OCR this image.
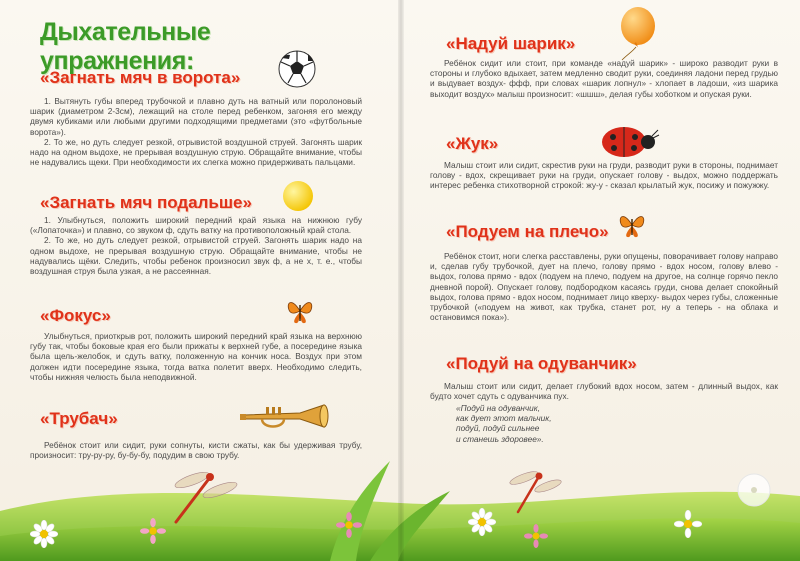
Дыхательные упражнения:
«Загнать мяч в ворота»

1. Вытянуть губы вперед трубочкой и плавно дуть на ватный или поролоновый шарик (диаметром 2-3см), лежащий на столе перед ребенком, загоняя его между двумя кубиками или любыми другими подходящими предметами (это «футбольные ворота»).

2. То же, но дуть следует резкой, отрывистой воздушной струей. Загонять шарик надо на одном выдохе, не прерывая воздушную струю. Обращайте внимание, чтобы не надувались щеки. При необходимости их слегка можно придерживать пальцами.

«Загнать мяч подальше»

1. Улыбнуться, положить широкий передний край языка на нижнюю губу («Лопаточка») и плавно, со звуком ф, сдуть ватку на противоположный край стола.

2. То же, но дуть следует резкой, отрывистой струей. Загонять шарик надо на одном выдохе, не прерывая воздушную струю. Обращайте внимание, чтобы не надувались щёки. Следить, чтобы ребенок произносил звук ф, а не х, т. е., чтобы воздушная струя была узкая, а не рассеянная.

«Фокус»

Улыбнуться, приоткрыв рот, положить широкий передний край языка на верхнюю губу так, чтобы боковые края его были прижаты к верхней губе, а посередине языка была щель-желобок, и сдуть ватку, положенную на кончик носа. Воздух при этом должен идти посередине языка, тогда ватка полетит вверх. Необходимо следить, чтобы нижняя челюсть была неподвижной.

«Трубач»

Ребёнок стоит или сидит, руки сопнуты, кисти сжаты, как бы удерживая трубу, произносит: тру-ру-ру, бу-бу-бу, подудим в свою трубу.

«Надуй шарик»

Ребёнок сидит или стоит, при команде «надуй шарик» - широко разводит руки в стороны и глубоко вдыхает, затем медленно сводит руки, соединяя ладони перед грудью и выдувает воздух- ффф, при словах «шарик лопнул» - хлопает в ладоши, «из шарика выходит воздух» малыш произносит: «шшш», делая губы хоботком и опуская руки.

«Жук»

Малыш стоит или сидит, скрестив руки на груди, разводит руки в стороны, поднимает голову - вдох, скрещивает руки на груди, опускает голову - выдох, можно поддержать интерес ребенка стихотворной строкой: жу-у - сказал крылатый жук, посижу и пожужжу.

«Подуем на плечо»

Ребёнок стоит, ноги слегка расставлены, руки опущены, поворачивает голову направо и, сделав губу трубочкой, дует на плечо, голову прямо - вдох носом, голову влево - выдох, голова прямо - вдох (подуем на плечо, подуем на другое, на солнце горячо пекло дневной порой). Опускает голову, подбородком касаясь груди, снова делает спокойный выдох, голова прямо - вдох носом, поднимает лицо кверху- выдох через губы, сложенные трубочкой («подуем на живот, как трубка, станет рот, ну а теперь - на облака и остановимся пока»).

«Подуй на одуванчик»

Малыш стоит или сидит, делает глубокий вдох носом, затем - длинный выдох, как будто хочет сдуть с одуванчика пух.

«Подуй на одуванчик,
как дует этот мальчик,
подуй, подуй сильнее
и станешь здоровее».
